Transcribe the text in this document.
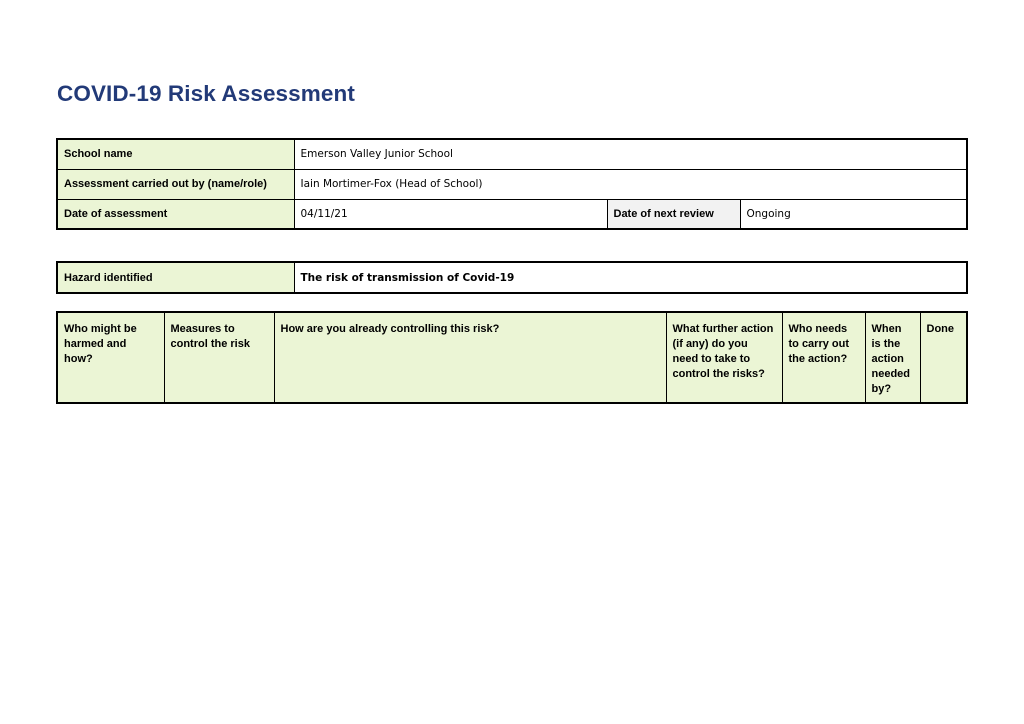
COVID-19 Risk Assessment
School name	Emerson Valley Junior School		
Assessment carried out by (name/role)	Iain Mortimer-Fox (Head of School)		
Date of assessment	04/11/21	Date of next review	Ongoing
Hazard identified	The risk of transmission of Covid-19
Who might be harmed and how?	Measures to control the risk	How are you already controlling this risk?	What further action (if any) do you need to take to control the risks?	Who needs to carry out the action?	When is the action needed by?	Done
